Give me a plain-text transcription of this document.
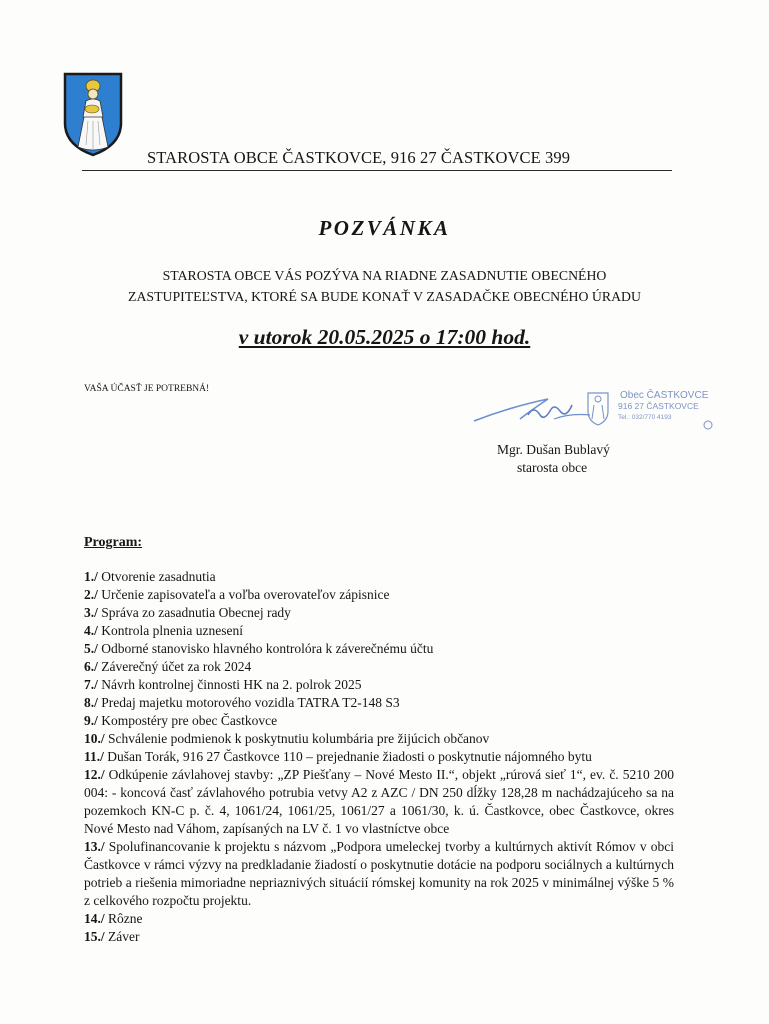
STAROSTA OBCE ČASTKOVCE, 916 27 ČASTKOVCE 399
POZVÁNKA
STAROSTA OBCE VÁS POZÝVA NA RIADNE ZASADNUTIE OBECNÉHO
ZASTUPITEĽSTVA, KTORÉ SA BUDE KONAŤ V ZASADAČKE OBECNÉHO ÚRADU
v utorok 20.05.2025 o 17:00 hod.
VAŠA ÚČASŤ JE POTREBNÁ!
Obec ČASTKOVCE
916 27 ČASTKOVCE
Tel.: 032/770 4193
Mgr. Dušan Bublavý
starosta obce
Program:
1./ Otvorenie zasadnutia
2./ Určenie zapisovateľa a voľba overovateľov zápisnice
3./ Správa zo zasadnutia Obecnej rady
4./ Kontrola plnenia uznesení
5./ Odborné stanovisko hlavného kontrolóra k záverečnému účtu
6./ Záverečný účet za rok 2024
7./ Návrh kontrolnej činnosti HK na 2. polrok 2025
8./ Predaj majetku motorového vozidla TATRA T2-148 S3
9./ Kompostéry pre obec Častkovce
10./ Schválenie podmienok k poskytnutiu kolumbária pre žijúcich občanov
11./ Dušan Torák, 916 27 Častkovce 110 – prejednanie žiadosti o poskytnutie nájomného bytu
12./ Odkúpenie závlahovej stavby: „ZP Piešťany – Nové Mesto II.“, objekt „rúrová sieť 1“, ev. č. 5210 200 004: - koncová časť závlahového potrubia vetvy A2 z AZC / DN 250 dĺžky 128,28 m nachádzajúceho sa na pozemkoch KN-C p. č. 4, 1061/24, 1061/25, 1061/27 a 1061/30, k. ú. Častkovce, obec Častkovce, okres Nové Mesto nad Váhom, zapísaných na LV č. 1 vo vlastníctve obce
13./ Spolufinancovanie k projektu s názvom „Podpora umeleckej tvorby a kultúrnych aktivít Rómov v obci Častkovce v rámci výzvy na predkladanie žiadostí o poskytnutie dotácie na podporu sociálnych a kultúrnych potrieb a riešenia mimoriadne nepriaznivých situácií rómskej komunity na rok 2025 v minimálnej výške 5 % z celkového rozpočtu projektu.
14./ Rôzne
15./ Záver
